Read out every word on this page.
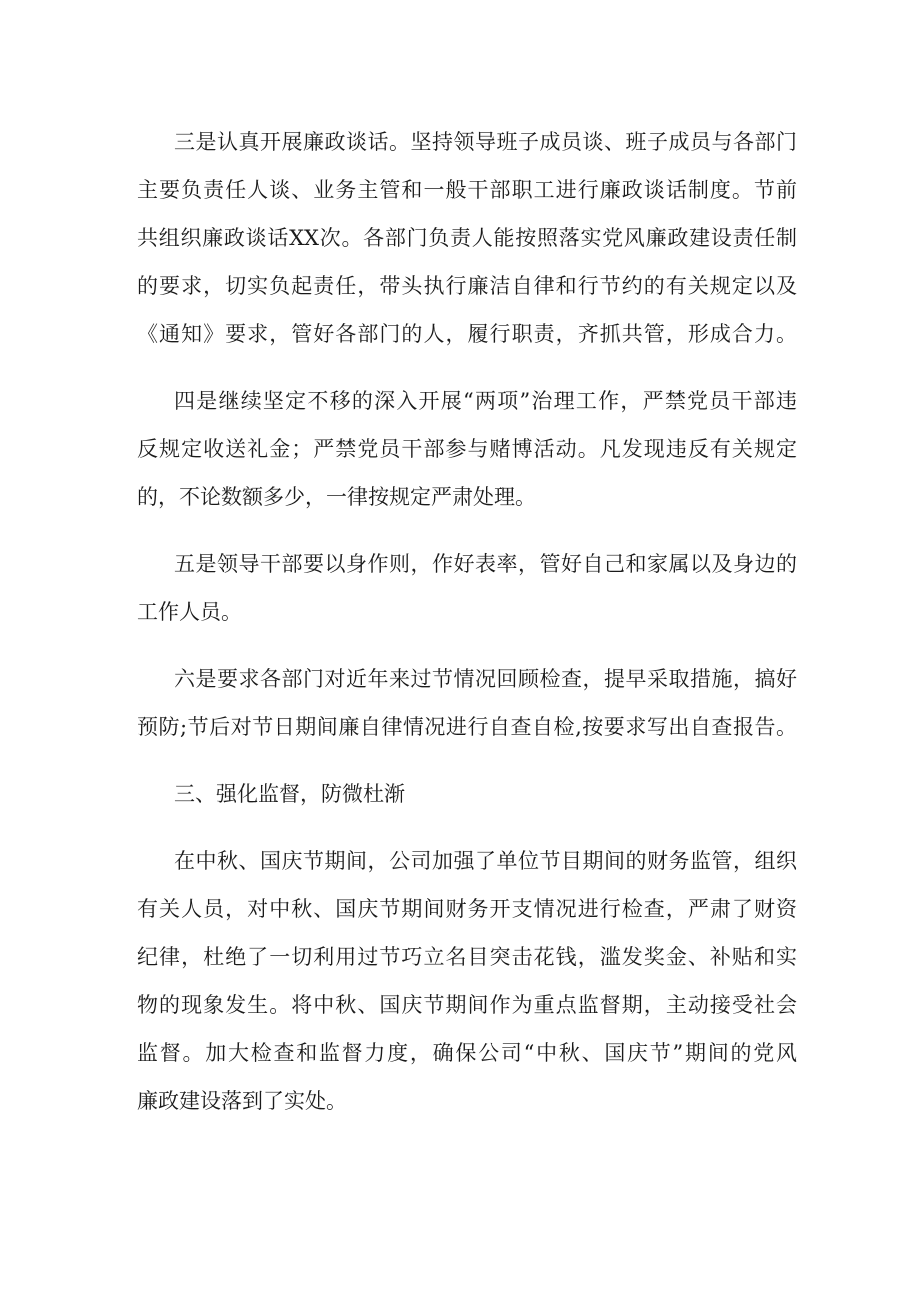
三是认真开展廉政谈话。坚持领导班子成员谈、班子成员与各部门
主要负责任人谈、业务主管和一般干部职工进行廉政谈话制度。节前
共组织廉政谈话XX次。各部门负责人能按照落实党风廉政建设责任制
的要求，切实负起责任，带头执行廉洁自律和行节约的有关规定以及
《通知》要求，管好各部门的人，履行职责，齐抓共管，形成合力。
四是继续坚定不移的深入开展“两项”治理工作，严禁党员干部违
反规定收送礼金；严禁党员干部参与赌博活动。凡发现违反有关规定
的，不论数额多少，一律按规定严肃处理。
五是领导干部要以身作则，作好表率，管好自己和家属以及身边的
工作人员。
六是要求各部门对近年来过节情况回顾检查，提早采取措施，搞好
预防;节后对节日期间廉自律情况进行自查自检,按要求写出自查报告。
三、强化监督，防微杜渐
在中秋、国庆节期间，公司加强了单位节目期间的财务监管，组织
有关人员，对中秋、国庆节期间财务开支情况进行检查，严肃了财资
纪律，杜绝了一切利用过节巧立名目突击花钱，滥发奖金、补贴和实
物的现象发生。将中秋、国庆节期间作为重点监督期，主动接受社会
监督。加大检查和监督力度，确保公司“中秋、国庆节”期间的党风
廉政建设落到了实处。
